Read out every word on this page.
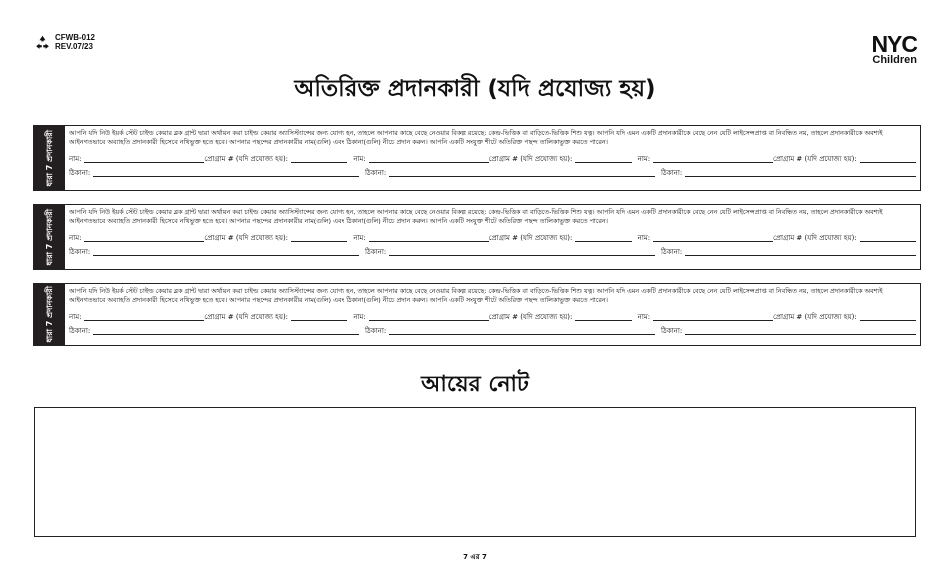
CFWB-012
REV.07/23	NYC
Children
অতিরিক্ত প্রদানকারী (যদি প্রযোজ্য হয়)
ধারা 7 প্রদানকারী আপনি যদি নিউ ইয়র্ক স্টেট চাইল্ড কেয়ার ব্লক গ্রান্ট দ্বারা অর্থায়ন করা চাইল্ড কেয়ার অ্যাসিস্ট্যান্সের জন্য যোগ্য হন, তাহলে আপনার কাছে বেছে নেওয়ার বিকল্প রয়েছে: কেন্দ্র-ভিত্তিক বা বাড়িতে-ভিত্তিক শিশু যত্ন। আপনি যদি এমন একটি প্রদানকারীকে বেছে নেন যেটি লাইসেন্সপ্রাপ্ত বা নিবন্ধিত নয়, তাহলে প্রদানকারীকে অবশ্যই আইনগতভাবে অব্যাহতি প্রদানকারী হিসেবে নথিভুক্ত হতে হবে। আপনার পছন্দের প্রদানকারীর নাম(গুলি) এবং ঠিকানা(গুলি) নীচে প্রদান করুন। আপনি একটি সংযুক্ত শীটে অতিরিক্ত পছন্দ তালিকাভুক্ত করতে পারেন।
নাম:	প্রোগ্রাম # (যদি প্রযোজ্য হয়):	নাম:	প্রোগ্রাম # (যদি প্রযোজ্য হয়):	নাম:	প্রোগ্রাম # (যদি প্রযোজ্য হয়):
ঠিকানা:	ঠিকানা:	ঠিকানা:
ধারা 7 প্রদানকারী আপনি যদি নিউ ইয়র্ক স্টেট চাইল্ড কেয়ার ব্লক গ্রান্ট দ্বারা অর্থায়ন করা চাইল্ড কেয়ার অ্যাসিস্ট্যান্সের জন্য যোগ্য হন, তাহলে আপনার কাছে বেছে নেওয়ার বিকল্প রয়েছে: কেন্দ্র-ভিত্তিক বা বাড়িতে-ভিত্তিক শিশু যত্ন। আপনি যদি এমন একটি প্রদানকারীকে বেছে নেন যেটি লাইসেন্সপ্রাপ্ত বা নিবন্ধিত নয়, তাহলে প্রদানকারীকে অবশ্যই আইনগতভাবে অব্যাহতি প্রদানকারী হিসেবে নথিভুক্ত হতে হবে। আপনার পছন্দের প্রদানকারীর নাম(গুলি) এবং ঠিকানা(গুলি) নীচে প্রদান করুন। আপনি একটি সংযুক্ত শীটে অতিরিক্ত পছন্দ তালিকাভুক্ত করতে পারেন।
নাম:	প্রোগ্রাম # (যদি প্রযোজ্য হয়):	নাম:	প্রোগ্রাম # (যদি প্রযোজ্য হয়):	নাম:	প্রোগ্রাম # (যদি প্রযোজ্য হয়):
ঠিকানা:	ঠিকানা:	ঠিকানা:
ধারা 7 প্রদানকারী আপনি যদি নিউ ইয়র্ক স্টেট চাইল্ড কেয়ার ব্লক গ্রান্ট দ্বারা অর্থায়ন করা চাইল্ড কেয়ার অ্যাসিস্ট্যান্সের জন্য যোগ্য হন, তাহলে আপনার কাছে বেছে নেওয়ার বিকল্প রয়েছে: কেন্দ্র-ভিত্তিক বা বাড়িতে-ভিত্তিক শিশু যত্ন। আপনি যদি এমন একটি প্রদানকারীকে বেছে নেন যেটি লাইসেন্সপ্রাপ্ত বা নিবন্ধিত নয়, তাহলে প্রদানকারীকে অবশ্যই আইনগতভাবে অব্যাহতি প্রদানকারী হিসেবে নথিভুক্ত হতে হবে। আপনার পছন্দের প্রদানকারীর নাম(গুলি) এবং ঠিকানা(গুলি) নীচে প্রদান করুন। আপনি একটি সংযুক্ত শীটে অতিরিক্ত পছন্দ তালিকাভুক্ত করতে পারেন।
নাম:	প্রোগ্রাম # (যদি প্রযোজ্য হয়):	নাম:	প্রোগ্রাম # (যদি প্রযোজ্য হয়):	নাম:	প্রোগ্রাম # (যদি প্রযোজ্য হয়):
ঠিকানা:	ঠিকানা:	ঠিকানা:
আয়ের নোট
7 এর 7
